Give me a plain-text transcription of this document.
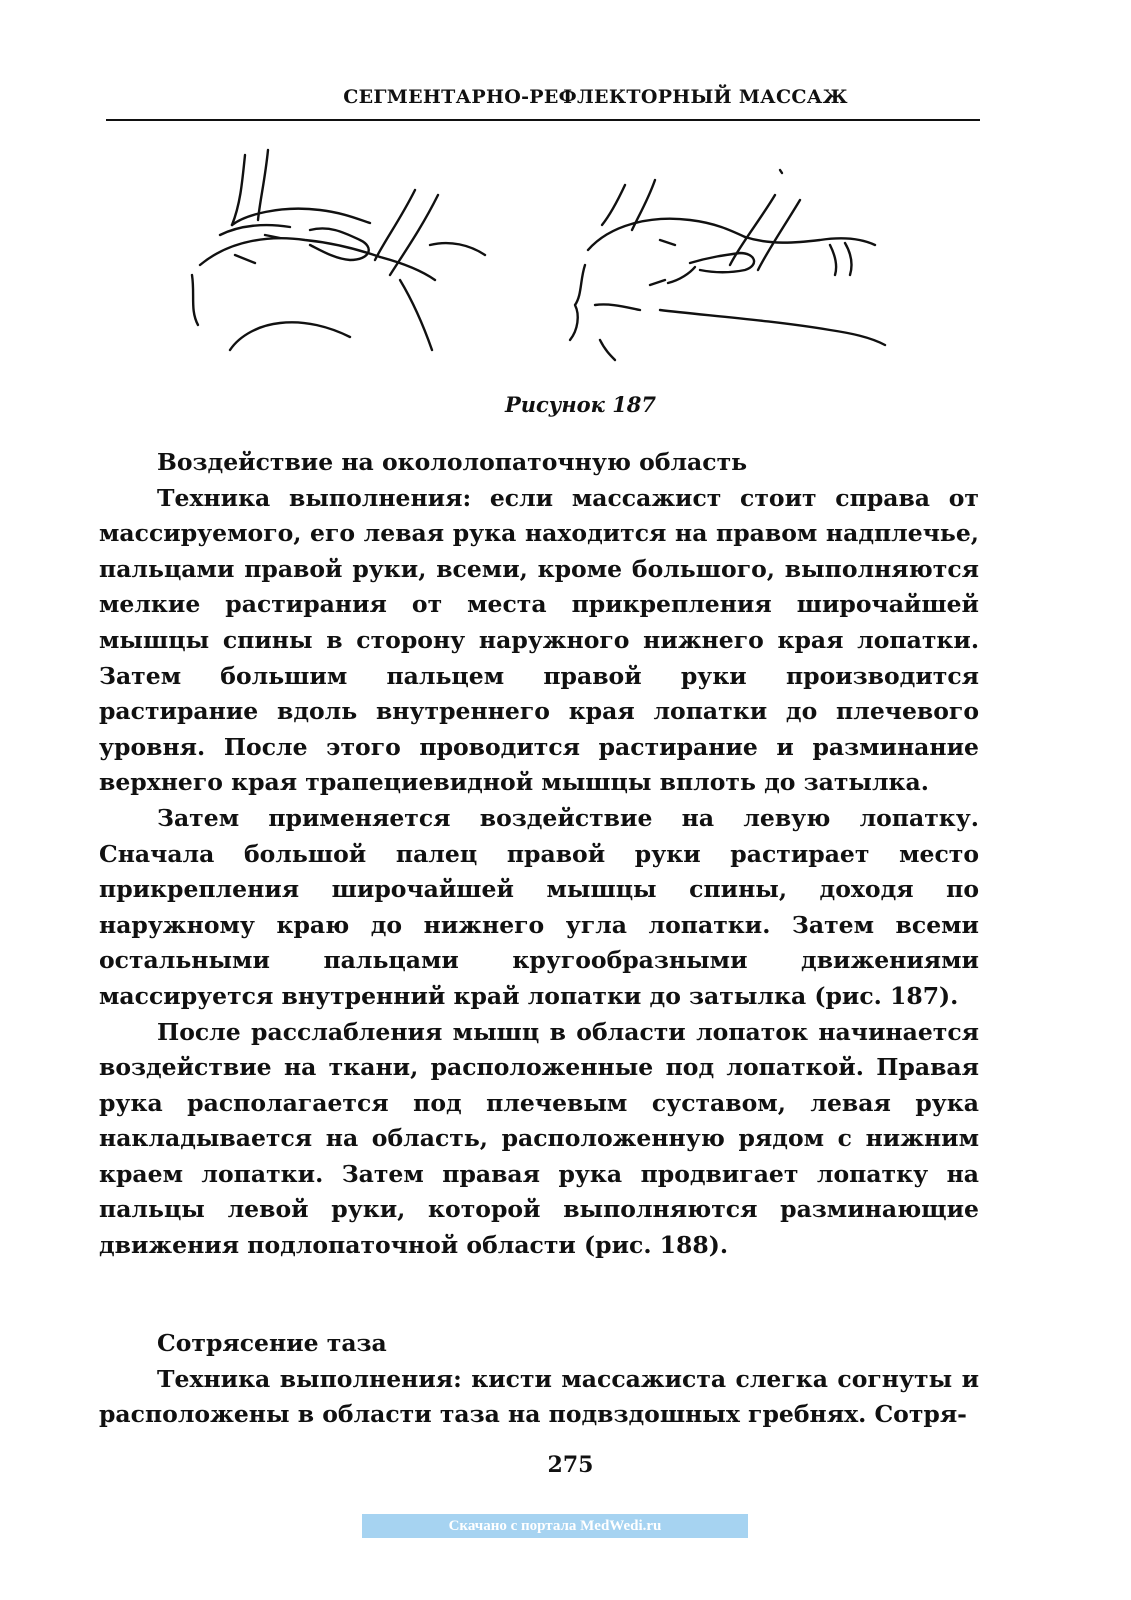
СЕГМЕНТАРНО-РЕФЛЕКТОРНЫЙ МАССАЖ
Рисунок 187

Воздействие на окололопаточную область

Техника выполнения: если массажист стоит справа от массируемого, его левая рука находится на правом надплечье, пальцами правой руки, всеми, кроме большого, выполняются мелкие растирания от места прикрепления широчайшей мышцы спины в сторону наружного нижнего края лопатки. Затем большим пальцем правой руки производится растирание вдоль внутреннего края лопатки до плечевого уровня. После этого проводится растирание и разминание верхнего края трапециевидной мышцы вплоть до затылка.

Затем применяется воздействие на левую лопатку. Сначала большой палец правой руки растирает место прикрепления широчайшей мышцы спины, доходя по наружному краю до нижнего угла лопатки. Затем всеми остальными пальцами кругообразными движениями массируется внутренний край лопатки до затылка (рис. 187).

После расслабления мышц в области лопаток начинается воздействие на ткани, расположенные под лопаткой. Правая рука располагается под плечевым суставом, левая рука накладывается на область, расположенную рядом с нижним краем лопатки. Затем правая рука продвигает лопатку на пальцы левой руки, которой выполняются разминающие движения подлопаточной области (рис. 188).

Сотрясение таза

Техника выполнения: кисти массажиста слегка согнуты и расположены в области таза на подвздошных гребнях. Сотря-

275
Скачано с портала MedWedi.ru
